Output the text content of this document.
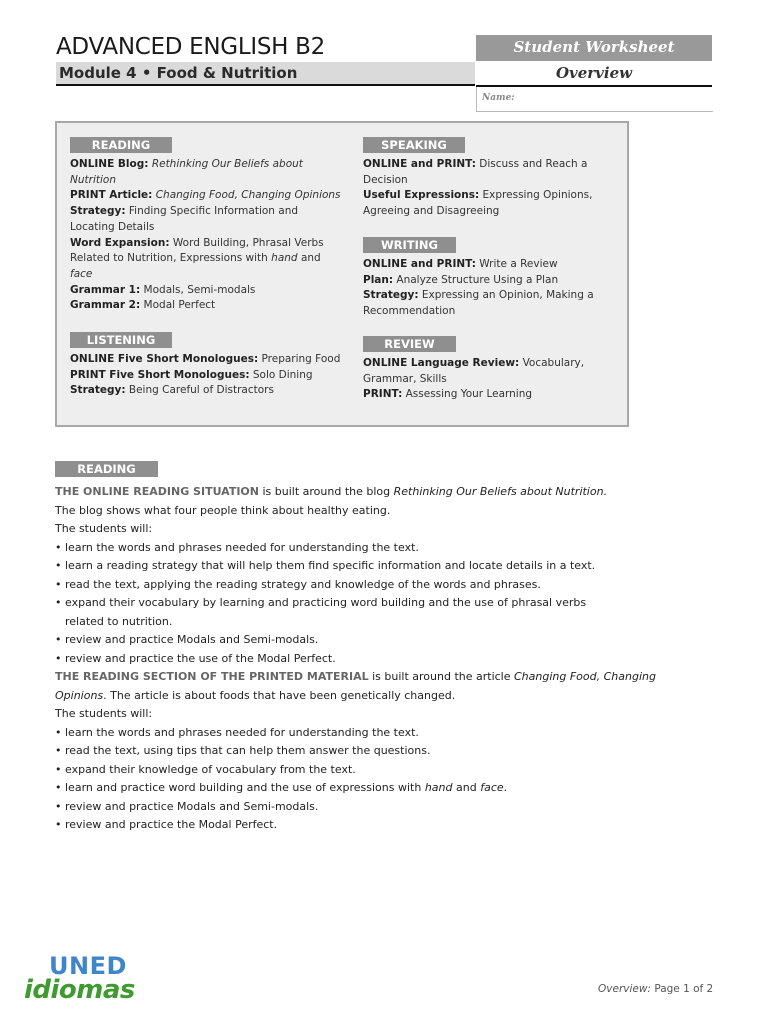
ADVANCED ENGLISH B2
Module 4 • Food & Nutrition
Student Worksheet
Overview
Name:
READING
ONLINE Blog: Rethinking Our Beliefs about Nutrition
PRINT Article: Changing Food, Changing Opinions
Strategy: Finding Specific Information and Locating Details
Word Expansion: Word Building, Phrasal Verbs Related to Nutrition, Expressions with hand and face
Grammar 1: Modals, Semi-modals
Grammar 2: Modal Perfect
LISTENING
ONLINE Five Short Monologues: Preparing Food
PRINT Five Short Monologues: Solo Dining
Strategy: Being Careful of Distractors
SPEAKING
ONLINE and PRINT: Discuss and Reach a Decision
Useful Expressions: Expressing Opinions, Agreeing and Disagreeing
WRITING
ONLINE and PRINT: Write a Review
Plan: Analyze Structure Using a Plan
Strategy: Expressing an Opinion, Making a Recommendation
REVIEW
ONLINE Language Review: Vocabulary, Grammar, Skills
PRINT: Assessing Your Learning
READING
THE ONLINE READING SITUATION is built around the blog Rethinking Our Beliefs about Nutrition.
The blog shows what four people think about healthy eating.
The students will:
• learn the words and phrases needed for understanding the text.
• learn a reading strategy that will help them find specific information and locate details in a text.
• read the text, applying the reading strategy and knowledge of the words and phrases.
• expand their vocabulary by learning and practicing word building and the use of phrasal verbs
related to nutrition.
• review and practice Modals and Semi-modals.
• review and practice the use of the Modal Perfect.
THE READING SECTION OF THE PRINTED MATERIAL is built around the article Changing Food, Changing Opinions. The article is about foods that have been genetically changed.
The students will:
• learn the words and phrases needed for understanding the text.
• read the text, using tips that can help them answer the questions.
• expand their knowledge of vocabulary from the text.
• learn and practice word building and the use of expressions with hand and face.
• review and practice Modals and Semi-modals.
• review and practice the Modal Perfect.
UNED
idiomas	Overview: Page 1 of 2
